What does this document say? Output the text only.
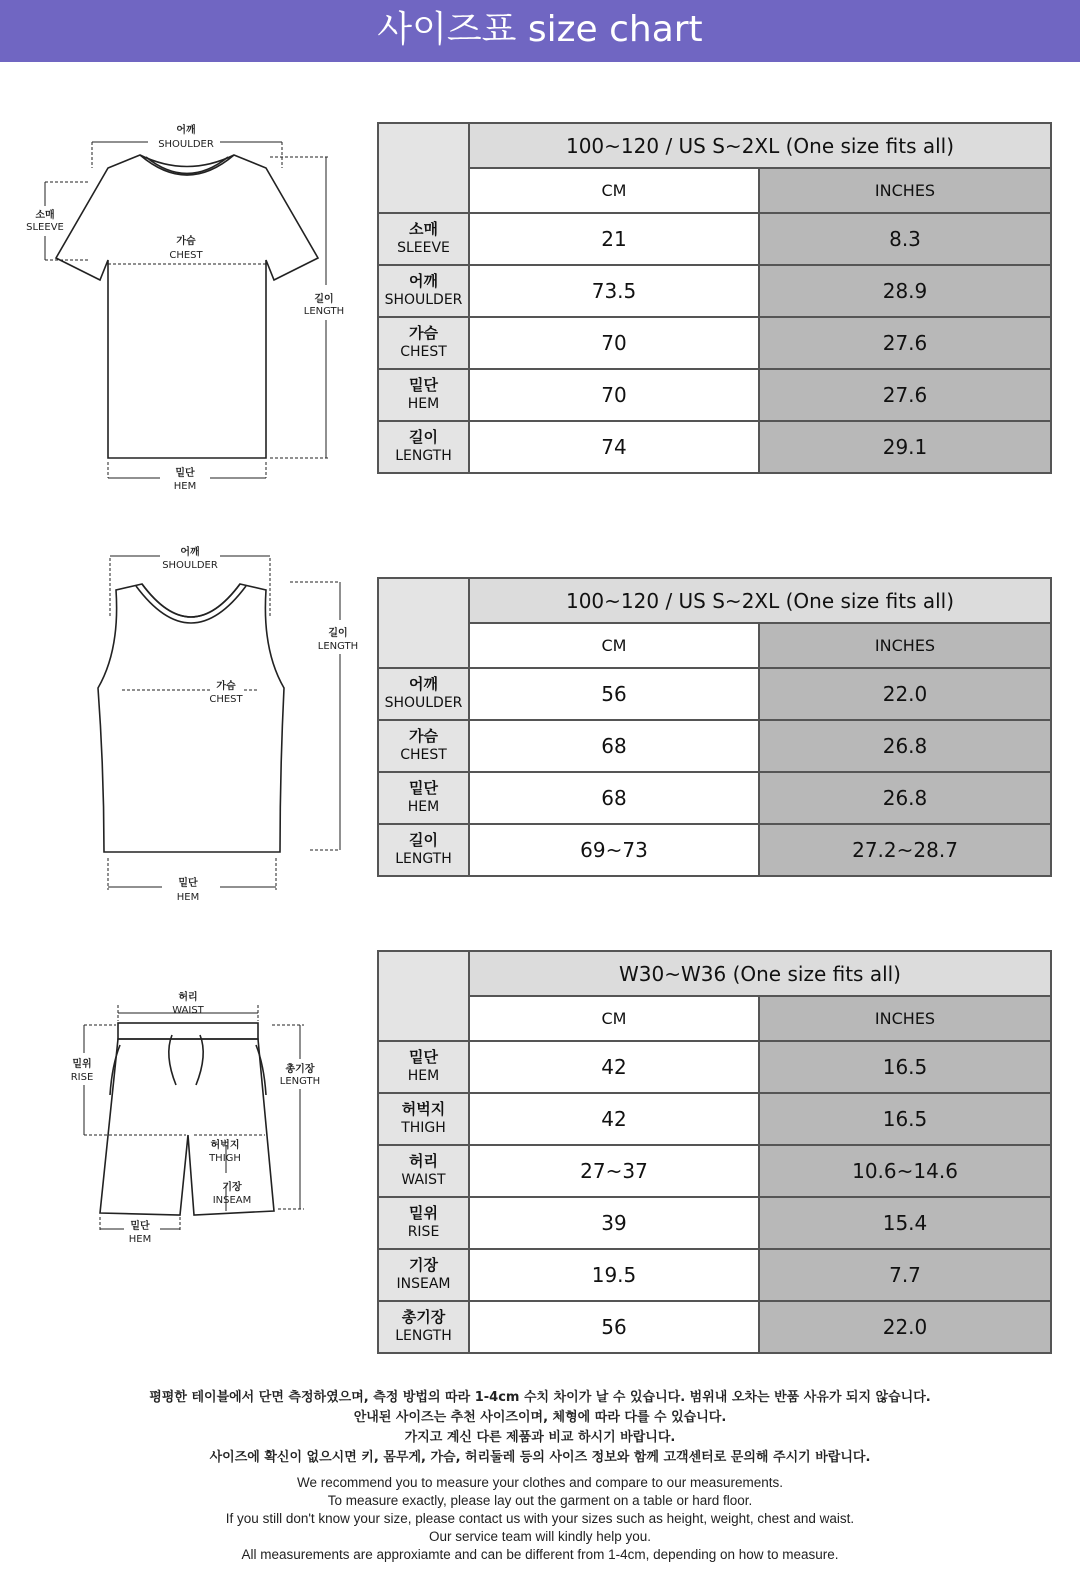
사이즈표 size chart
어깨
SHOULDER
소매
SLEEVE
가슴
CHEST
길이
LENGTH
밑단
HEM
	100~120 / US S~2XL (One size fits all)	
	CM	INCHES

소매
SLEEVE	21	8.3

어깨
SHOULDER	73.5	28.9

가슴
CHEST	70	27.6

밑단
HEM	70	27.6

길이
LENGTH	74	29.1
어깨
SHOULDER
길이
LENGTH
가슴
CHEST
밑단
HEM
	100~120 / US S~2XL (One size fits all)	
	CM	INCHES

어깨
SHOULDER	56	22.0

가슴
CHEST	68	26.8

밑단
HEM	68	26.8

길이
LENGTH	69~73	27.2~28.7
허리
WAIST
밑위
RISE
총기장
LENGTH
허벅지
THIGH
기장
INSEAM
밑단
HEM
	W30~W36 (One size fits all)	
	CM	INCHES

밑단
HEM	42	16.5

허벅지
THIGH	42	16.5

허리
WAIST	27~37	10.6~14.6

밑위
RISE	39	15.4

기장
INSEAM	19.5	7.7

총기장
LENGTH	56	22.0
평평한 테이블에서 단면 측정하였으며, 측정 방법의 따라 1-4cm 수치 차이가 날 수 있습니다. 범위내 오차는 반품 사유가 되지 않습니다.
안내된 사이즈는 추천 사이즈이며, 체형에 따라 다를 수 있습니다.
가지고 계신 다른 제품과 비교 하시기 바랍니다.
사이즈에 확신이 없으시면 키, 몸무게, 가슴, 허리둘레 등의 사이즈 정보와 함께 고객센터로 문의해 주시기 바랍니다.
We recommend you to measure your clothes and compare to our measurements.
To measure exactly, please lay out the garment on a table or hard floor.
If you still don't know your size, please contact us with your sizes such as height, weight, chest and waist.
Our service team will kindly help you.
All measurements are approxiamte and can be different from 1-4cm, depending on how to measure.
